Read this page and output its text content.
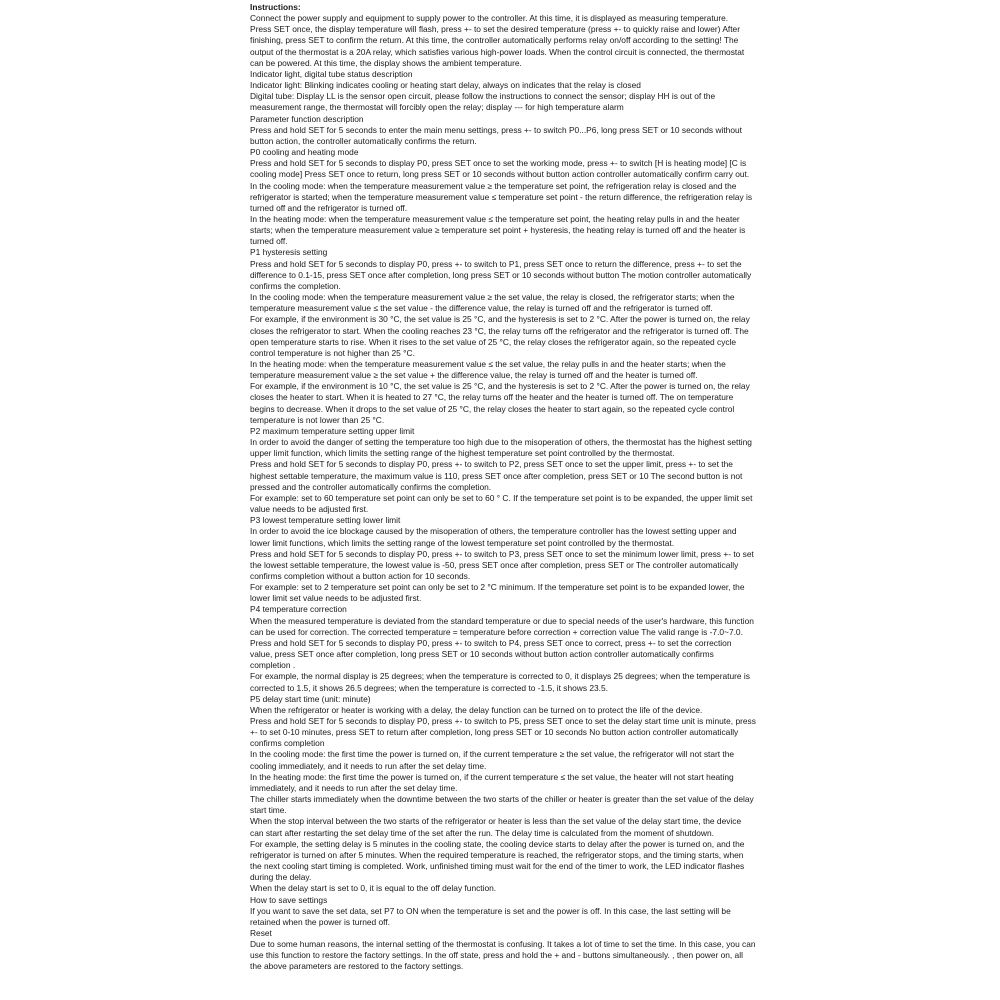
Instructions:

Connect the power supply and equipment to supply power to the controller. At this time, it is displayed as measuring temperature.

Press SET once, the display temperature will flash, press +- to set the desired temperature (press +- to quickly raise and lower) After finishing, press SET to confirm the return. At this time, the controller automatically performs relay on/off according to the setting! The output of the thermostat is a 20A relay, which satisfies various high-power loads. When the control circuit is connected, the thermostat can be powered. At this time, the display shows the ambient temperature.

Indicator light, digital tube status description

Indicator light: Blinking indicates cooling or heating start delay, always on indicates that the relay is closed

Digital tube: Display LL is the sensor open circuit, please follow the instructions to connect the sensor; display HH is out of the measurement range, the thermostat will forcibly open the relay; display --- for high temperature alarm

Parameter function description

Press and hold SET for 5 seconds to enter the main menu settings, press +- to switch P0...P6, long press SET or 10 seconds without button action, the controller automatically confirms the return.

P0 cooling and heating mode

Press and hold SET for 5 seconds to display P0, press SET once to set the working mode, press +- to switch [H is heating mode] [C is cooling mode] Press SET once to return, long press SET or 10 seconds without button action controller automatically confirm carry out.

In the cooling mode: when the temperature measurement value ≥ the temperature set point, the refrigeration relay is closed and the refrigerator is started; when the temperature measurement value ≤ temperature set point - the return difference, the refrigeration relay is turned off and the refrigerator is turned off.

In the heating mode: when the temperature measurement value ≤ the temperature set point, the heating relay pulls in and the heater starts; when the temperature measurement value ≥ temperature set point + hysteresis, the heating relay is turned off and the heater is turned off.

P1 hysteresis setting

Press and hold SET for 5 seconds to display P0, press +- to switch to P1, press SET once to return the difference, press +- to set the difference to 0.1-15, press SET once after completion, long press SET or 10 seconds without button The motion controller automatically confirms the completion.

In the cooling mode: when the temperature measurement value ≥ the set value, the relay is closed, the refrigerator starts; when the temperature measurement value ≤ the set value - the difference value, the relay is turned off and the refrigerator is turned off.

For example, if the environment is 30 °C, the set value is 25 °C, and the hysteresis is set to 2 °C. After the power is turned on, the relay closes the refrigerator to start. When the cooling reaches 23 °C, the relay turns off the refrigerator and the refrigerator is turned off. The open temperature starts to rise. When it rises to the set value of 25 °C, the relay closes the refrigerator again, so the repeated cycle control temperature is not higher than 25 °C.

In the heating mode: when the temperature measurement value ≤ the set value, the relay pulls in and the heater starts; when the temperature measurement value ≥ the set value + the difference value, the relay is turned off and the heater is turned off.

For example, if the environment is 10 °C, the set value is 25 °C, and the hysteresis is set to 2 °C. After the power is turned on, the relay closes the heater to start. When it is heated to 27 °C, the relay turns off the heater and the heater is turned off. The on temperature begins to decrease. When it drops to the set value of 25 °C, the relay closes the heater to start again, so the repeated cycle control temperature is not lower than 25 °C.

P2 maximum temperature setting upper limit

In order to avoid the danger of setting the temperature too high due to the misoperation of others, the thermostat has the highest setting upper limit function, which limits the setting range of the highest temperature set point controlled by the thermostat.

Press and hold SET for 5 seconds to display P0, press +- to switch to P2, press SET once to set the upper limit, press +- to set the highest settable temperature, the maximum value is 110, press SET once after completion, press SET or 10 The second button is not pressed and the controller automatically confirms the completion.

For example: set to 60 temperature set point can only be set to 60 ° C. If the temperature set point is to be expanded, the upper limit set value needs to be adjusted first.

P3 lowest temperature setting lower limit

In order to avoid the ice blockage caused by the misoperation of others, the temperature controller has the lowest setting upper and lower limit functions, which limits the setting range of the lowest temperature set point controlled by the thermostat.

Press and hold SET for 5 seconds to display P0, press +- to switch to P3, press SET once to set the minimum lower limit, press +- to set the lowest settable temperature, the lowest value is -50, press SET once after completion, press SET or The controller automatically confirms completion without a button action for 10 seconds.

For example: set to 2 temperature set point can only be set to 2 °C minimum. If the temperature set point is to be expanded lower, the lower limit set value needs to be adjusted first.

P4 temperature correction

When the measured temperature is deviated from the standard temperature or due to special needs of the user's hardware, this function can be used for correction. The corrected temperature = temperature before correction + correction value The valid range is -7.0~7.0.

Press and hold SET for 5 seconds to display P0, press +- to switch to P4, press SET once to correct, press +- to set the correction value, press SET once after completion, long press SET or 10 seconds without button action controller automatically confirms completion .

For example, the normal display is 25 degrees; when the temperature is corrected to 0, it displays 25 degrees; when the temperature is corrected to 1.5, it shows 26.5 degrees; when the temperature is corrected to -1.5, it shows 23.5.

P5 delay start time (unit: minute)

When the refrigerator or heater is working with a delay, the delay function can be turned on to protect the life of the device.

Press and hold SET for 5 seconds to display P0, press +- to switch to P5, press SET once to set the delay start time unit is minute, press +- to set 0-10 minutes, press SET to return after completion, long press SET or 10 seconds No button action controller automatically confirms completion

In the cooling mode: the first time the power is turned on, if the current temperature ≥ the set value, the refrigerator will not start the cooling immediately, and it needs to run after the set delay time.

In the heating mode: the first time the power is turned on, if the current temperature ≤ the set value, the heater will not start heating immediately, and it needs to run after the set delay time.

The chiller starts immediately when the downtime between the two starts of the chiller or heater is greater than the set value of the delay start time.

When the stop interval between the two starts of the refrigerator or heater is less than the set value of the delay start time, the device can start after restarting the set delay time of the set after the run. The delay time is calculated from the moment of shutdown.

For example, the setting delay is 5 minutes in the cooling state, the cooling device starts to delay after the power is turned on, and the refrigerator is turned on after 5 minutes. When the required temperature is reached, the refrigerator stops, and the timing starts, when the next cooling start timing is completed. Work, unfinished timing must wait for the end of the timer to work, the LED indicator flashes during the delay.

When the delay start is set to 0, it is equal to the off delay function.

How to save settings

If you want to save the set data, set P7 to ON when the temperature is set and the power is off. In this case, the last setting will be retained when the power is turned off.

Reset

Due to some human reasons, the internal setting of the thermostat is confusing. It takes a lot of time to set the time. In this case, you can use this function to restore the factory settings. In the off state, press and hold the + and - buttons simultaneously. , then power on, all the above parameters are restored to the factory settings.
